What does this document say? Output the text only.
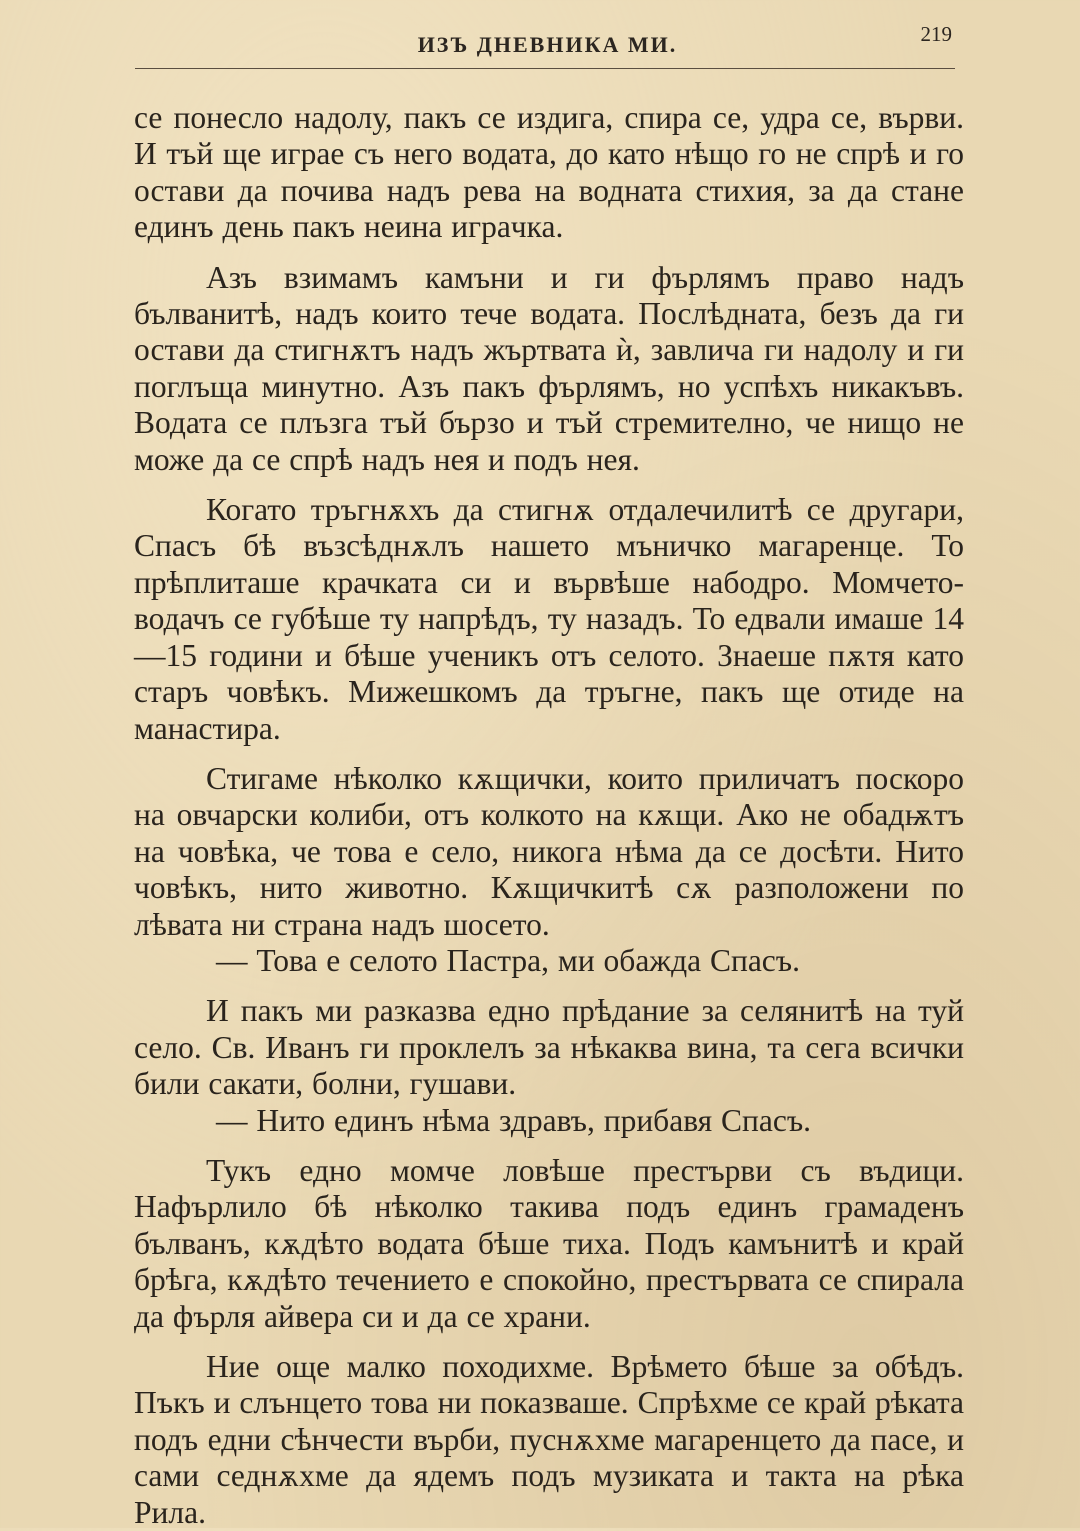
ИЗЪ ДНЕВНИКА МИ.	219

се понесло надолу, пакъ се издига, спира се, удра се, върви. И тъй ще играе съ него водата, до като нѣщо го не спрѣ и го остави да почива надъ рева на водната стихия, за да стане единъ день пакъ неина игрaчка.

Азъ взимамъ камъни и ги фърлямъ право надъ бълванитѣ, надъ които тече водата. Послѣдната, безъ да ги остави да стигнѫтъ надъ жъртвата ѝ, завлича ги надолу и ги поглъща минутно. Азъ пакъ фърлямъ, но успѣхъ никакъвъ. Водата се плъзга тъй бързо и тъй стремително, че нищо не може да се спрѣ надъ нея и подъ нея.

Когато тръгнѫхъ да стигнѫ отдалечилитѣ се другари, Спасъ бѣ възсѣднѫлъ нашето мъничко магаренце. То прѣплиташе крачката си и вървѣше набодро. Момчето-водачъ се губѣше ту напрѣдъ, ту назадъ. То едвали имаше 14—15 години и бѣше ученикъ отъ селото. Знаеше пѫтя като старъ човѣкъ. Мижешкомъ да тръгне, пакъ ще отиде на манастира.

Стигаме нѣколко кѫщички, които приличатъ поскоро на овчарски колиби, отъ колкото на кѫщи. Ако не обадѭтъ на човѣка, че това е село, никога нѣма да се досѣти. Нито човѣкъ, нито животно. Кѫщичкитѣ сѫ разположени по лѣвата ни страна надъ шосето.

— Това е селото Пастра, ми обажда Спасъ.

И пакъ ми разказва едно прѣдание за селянитѣ на туй село. Св. Иванъ ги проклелъ за нѣкаква вина, та сега всички били сакати, болни, гушави.

— Нито единъ нѣма здравъ, прибавя Спасъ.

Тукъ едно момче ловѣше престърви съ въдици. Нафърлило бѣ нѣколко такива подъ единъ грамаденъ бълванъ, кѫдѣто водата бѣше тиха. Подъ камънитѣ и край брѣга, кѫдѣто течението е спокойно, престървата се спирала да фърля айвера си и да се храни.

Ние още малко походихме. Врѣмето бѣше за обѣдъ. Пъкъ и слънцето това ни показваше. Спрѣхме се край рѣката подъ едни сѣнчести върби, пуснѫхме магаренцето да пасе, и сами седнѫхме да ядемъ подъ музиката и такта на рѣка Рила.
